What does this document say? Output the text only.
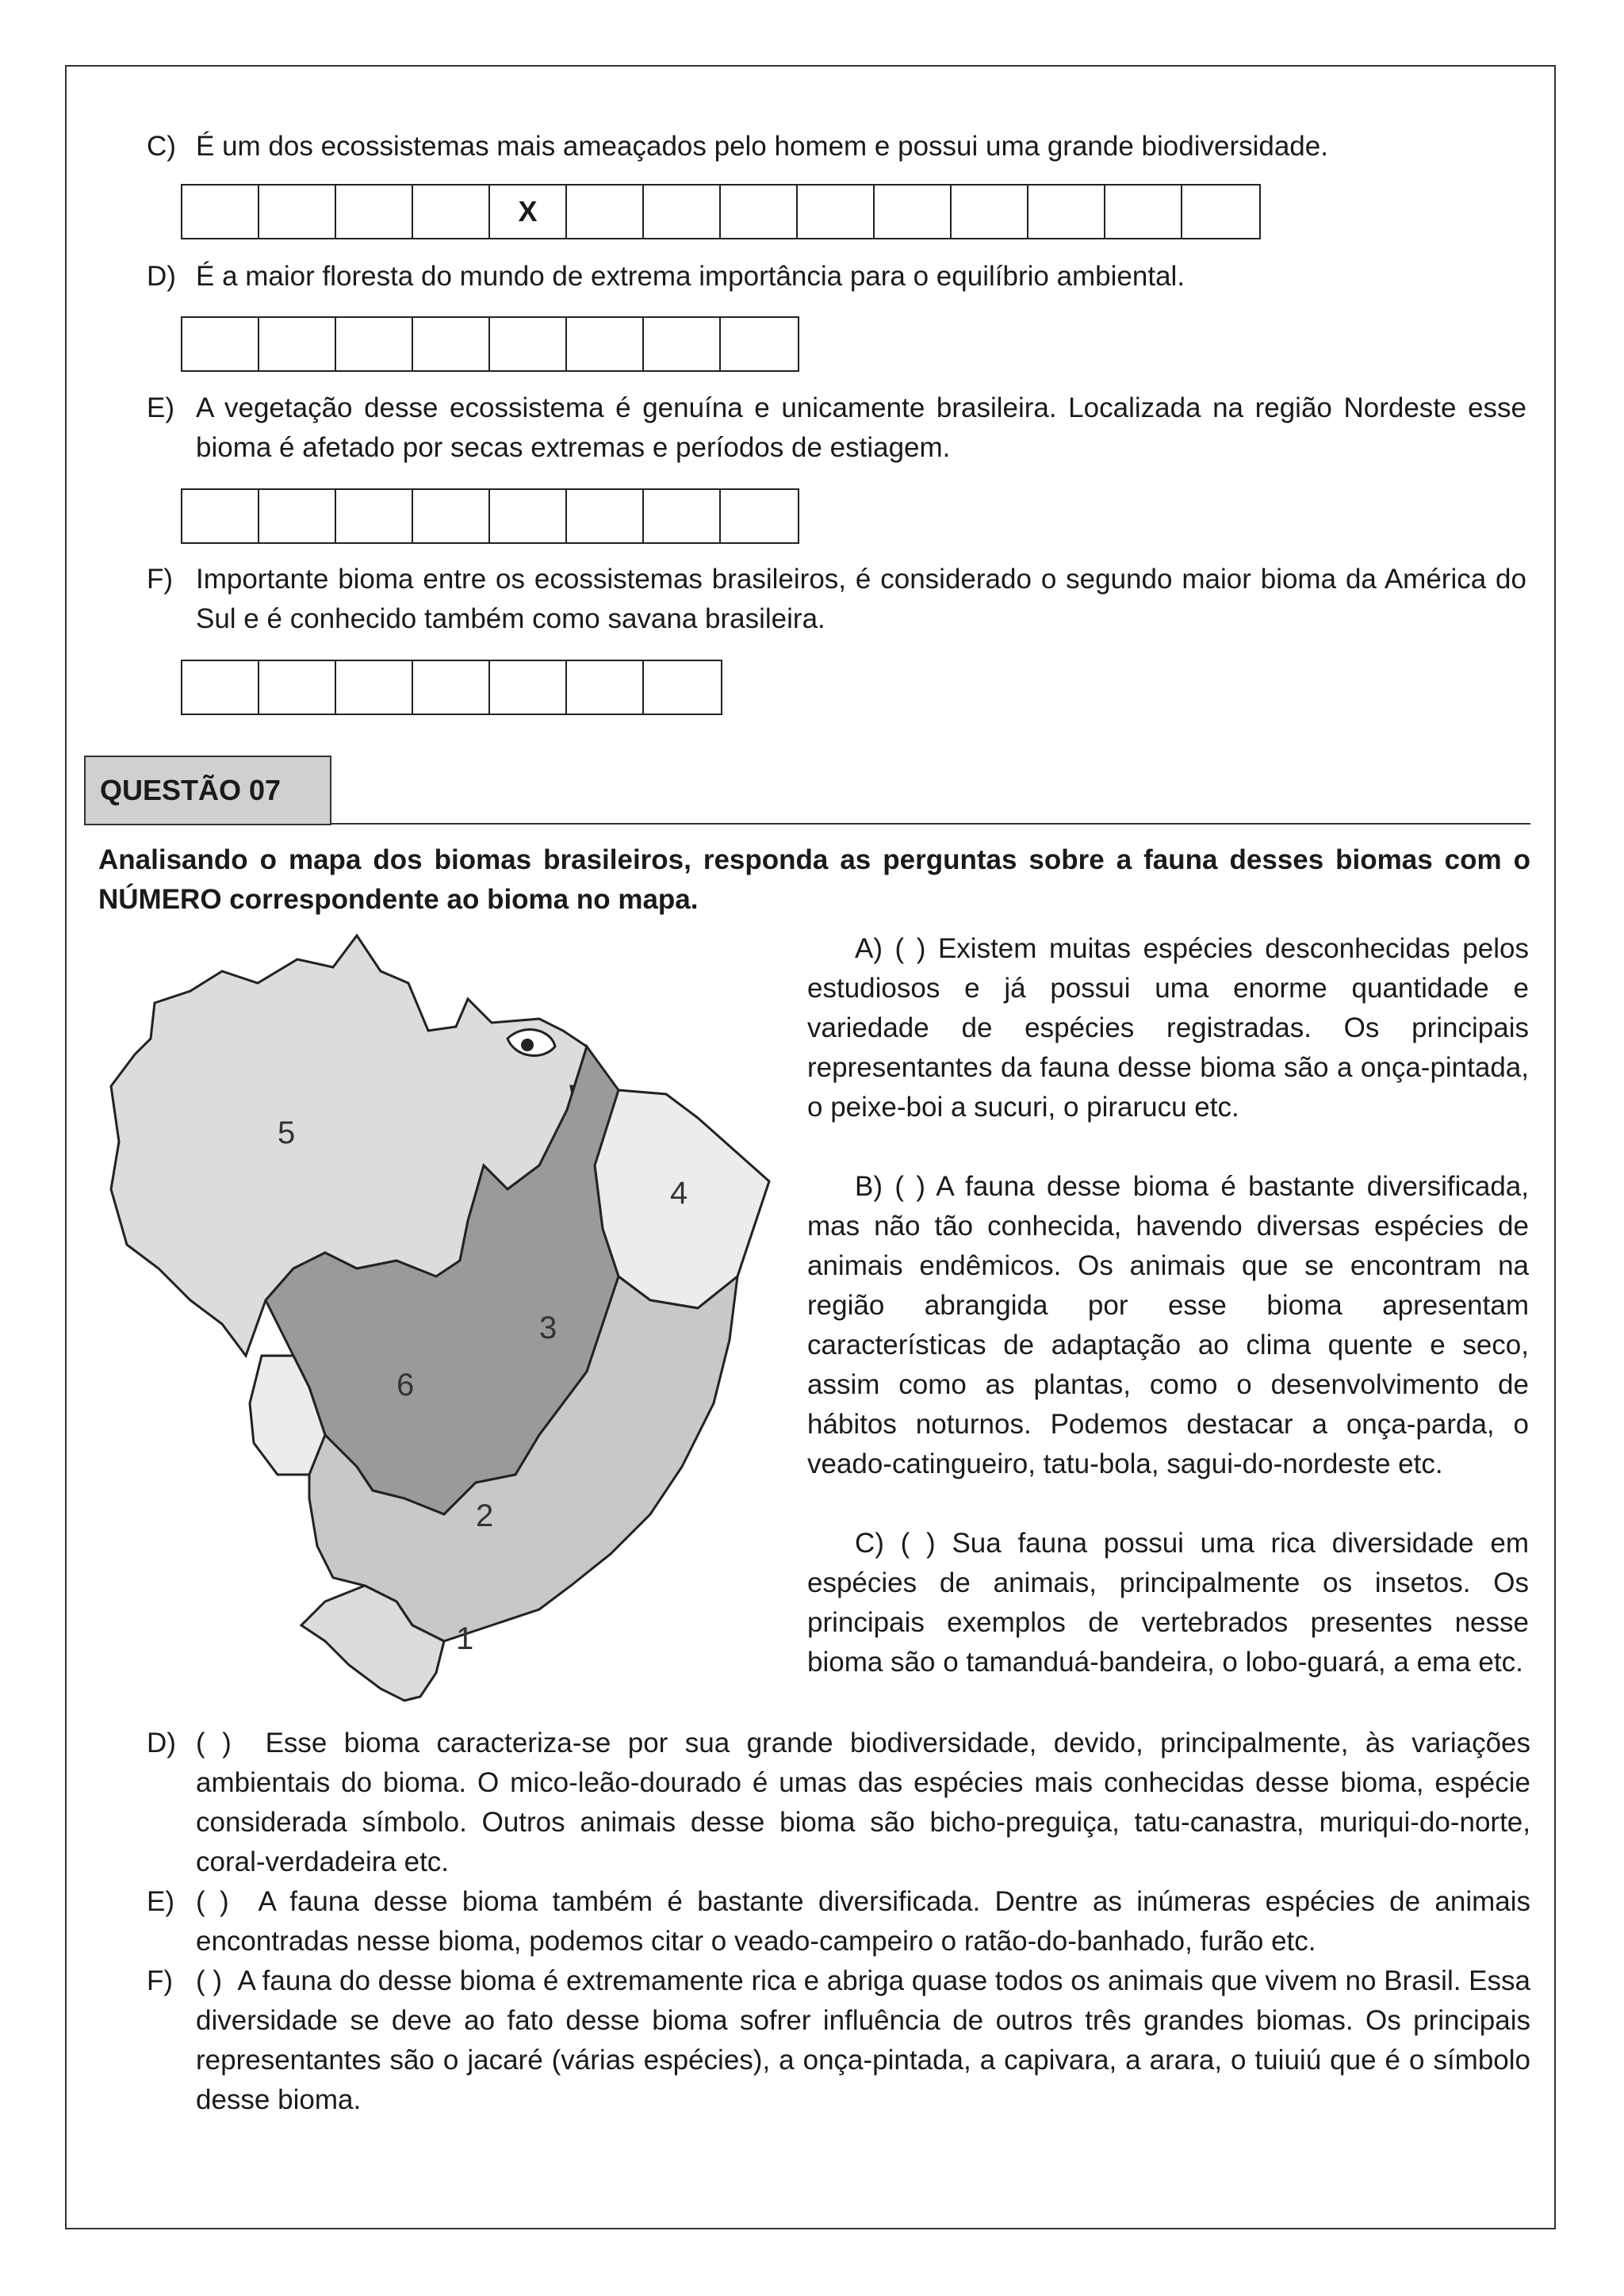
C) É um dos ecossistemas mais ameaçados pelo homem e possui uma grande biodiversidade.
X
D) É a maior floresta do mundo de extrema importância para o equilíbrio ambiental.
E) A vegetação desse ecossistema é genuína e unicamente brasileira. Localizada na região Nordeste esse bioma é afetado por secas extremas e períodos de estiagem.
F) Importante bioma entre os ecossistemas brasileiros, é considerado o segundo maior bioma da América do Sul e é conhecido também como savana brasileira.
QUESTÃO 07
Analisando o mapa dos biomas brasileiros, responda as perguntas sobre a fauna desses biomas com o NÚMERO correspondente ao bioma no mapa.
5
4
3
6
2
1
A) ( ) Existem muitas espécies desconhecidas pelos estudiosos e já possui uma enorme quantidade e variedade de espécies registradas. Os principais representantes da fauna desse bioma são a onça-pintada, o peixe-boi a sucuri, o pirarucu etc.
B) ( ) A fauna desse bioma é bastante diversificada, mas não tão conhecida, havendo diversas espécies de animais endêmicos. Os animais que se encontram na região abrangida por esse bioma apresentam características de adaptação ao clima quente e seco, assim como as plantas, como o desenvolvimento de hábitos noturnos. Podemos destacar a onça-parda, o veado-catingueiro, tatu-bola, sagui-do-nordeste etc.
C) ( ) Sua fauna possui uma rica diversidade em espécies de animais, principalmente os insetos. Os principais exemplos de vertebrados presentes nesse bioma são o tamanduá-bandeira, o lobo-guará, a ema etc.
D) ( ) Esse bioma caracteriza-se por sua grande biodiversidade, devido, principalmente, às variações ambientais do bioma. O mico-leão-dourado é umas das espécies mais conhecidas desse bioma, espécie considerada símbolo. Outros animais desse bioma são bicho-preguiça, tatu-canastra, muriqui-do-norte, coral-verdadeira etc.
E) ( ) A fauna desse bioma também é bastante diversificada. Dentre as inúmeras espécies de animais encontradas nesse bioma, podemos citar o veado-campeiro o ratão-do-banhado, furão etc.
F) ( ) A fauna do desse bioma é extremamente rica e abriga quase todos os animais que vivem no Brasil. Essa diversidade se deve ao fato desse bioma sofrer influência de outros três grandes biomas. Os principais representantes são o jacaré (várias espécies), a onça-pintada, a capivara, a arara, o tuiuiú que é o símbolo desse bioma.
